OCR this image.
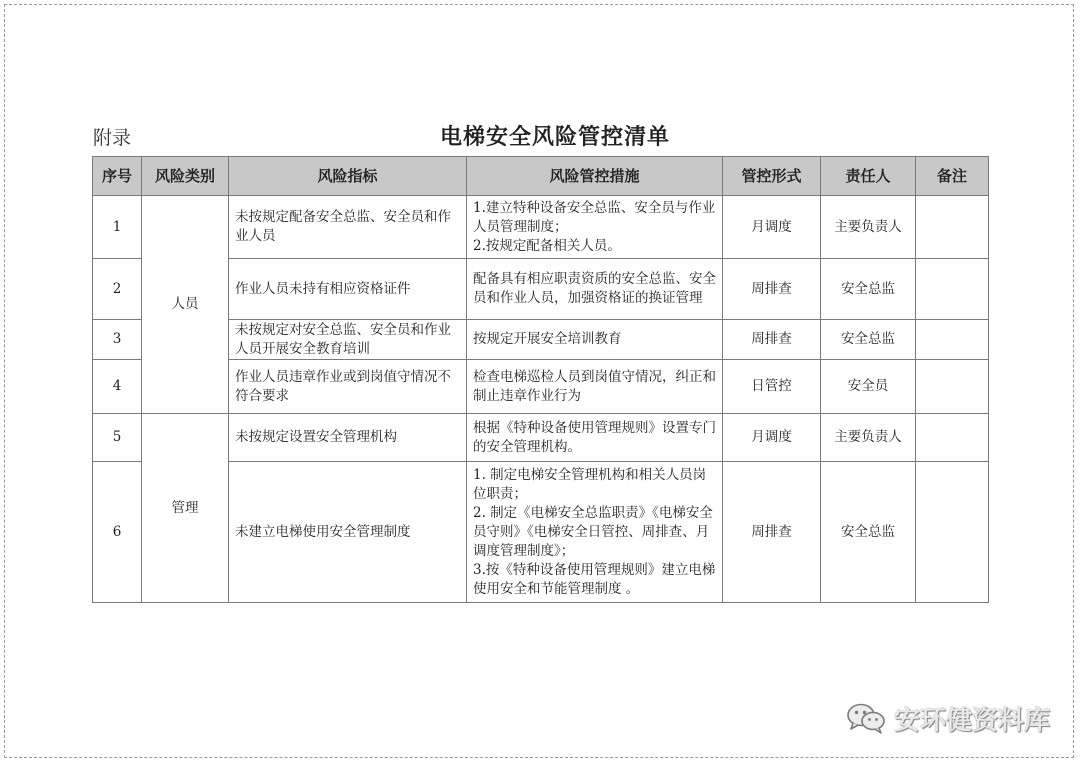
附录	电梯安全风险管控清单
序号	风险类别	风险指标	风险管控措施	管控形式	责任人	备注
1	人员	未按规定配备安全总监、安全员和作业人员	1.建立特种设备安全总监、安全员与作业人员管理制度；
2.按规定配备相关人员。	月调度	主要负责人	
2		作业人员未持有相应资格证件	配备具有相应职责资质的安全总监、安全员和作业人员，加强资格证的换证管理	周排查	安全总监	
3		未按规定对安全总监、安全员和作业人员开展安全教育培训	按规定开展安全培训教育	周排查	安全总监	
4		作业人员违章作业或到岗值守情况不符合要求	检查电梯巡检人员到岗值守情况，纠正和制止违章作业行为	日管控	安全员	
5	管理	未按规定设置安全管理机构	根据《特种设备使用管理规则》设置专门的安全管理机构。	月调度	主要负责人	
6		未建立电梯使用安全管理制度	1. 制定电梯安全管理机构和相关人员岗位职责；
2. 制定《电梯安全总监职责》《电梯安全员守则》《电梯安全日管控、周排查、月调度管理制度》；
3.按《特种设备使用管理规则》建立电梯使用安全和节能管理制度 。	周排查	安全总监	
安环健资料库
